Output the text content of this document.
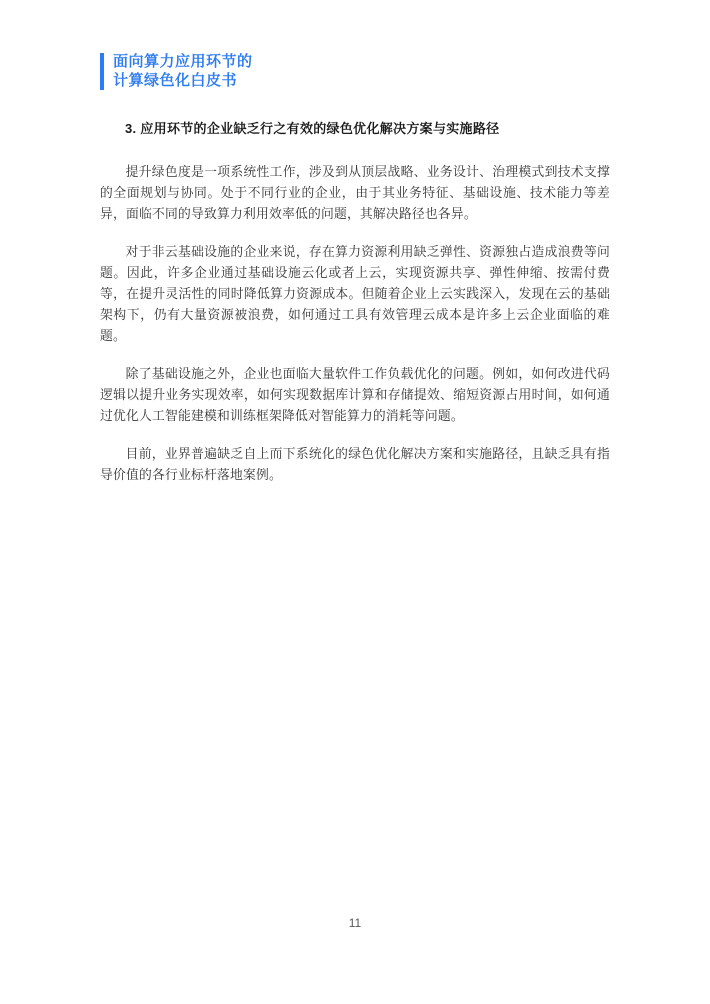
面向算力应用环节的
计算绿色化白皮书
3. 应用环节的企业缺乏行之有效的绿色优化解决方案与实施路径

提升绿色度是一项系统性工作，涉及到从顶层战略、业务设计、治理模式到技术支撑的全面规划与协同。处于不同行业的企业，由于其业务特征、基础设施、技术能力等差异，面临不同的导致算力利用效率低的问题，其解决路径也各异。

对于非云基础设施的企业来说，存在算力资源利用缺乏弹性、资源独占造成浪费等问题。因此，许多企业通过基础设施云化或者上云，实现资源共享、弹性伸缩、按需付费等，在提升灵活性的同时降低算力资源成本。但随着企业上云实践深入，发现在云的基础架构下，仍有大量资源被浪费，如何通过工具有效管理云成本是许多上云企业面临的难题。

除了基础设施之外，企业也面临大量软件工作负载优化的问题。例如，如何改进代码逻辑以提升业务实现效率，如何实现数据库计算和存储提效、缩短资源占用时间，如何通过优化人工智能建模和训练框架降低对智能算力的消耗等问题。

目前，业界普遍缺乏自上而下系统化的绿色优化解决方案和实施路径，且缺乏具有指导价值的各行业标杆落地案例。

11
